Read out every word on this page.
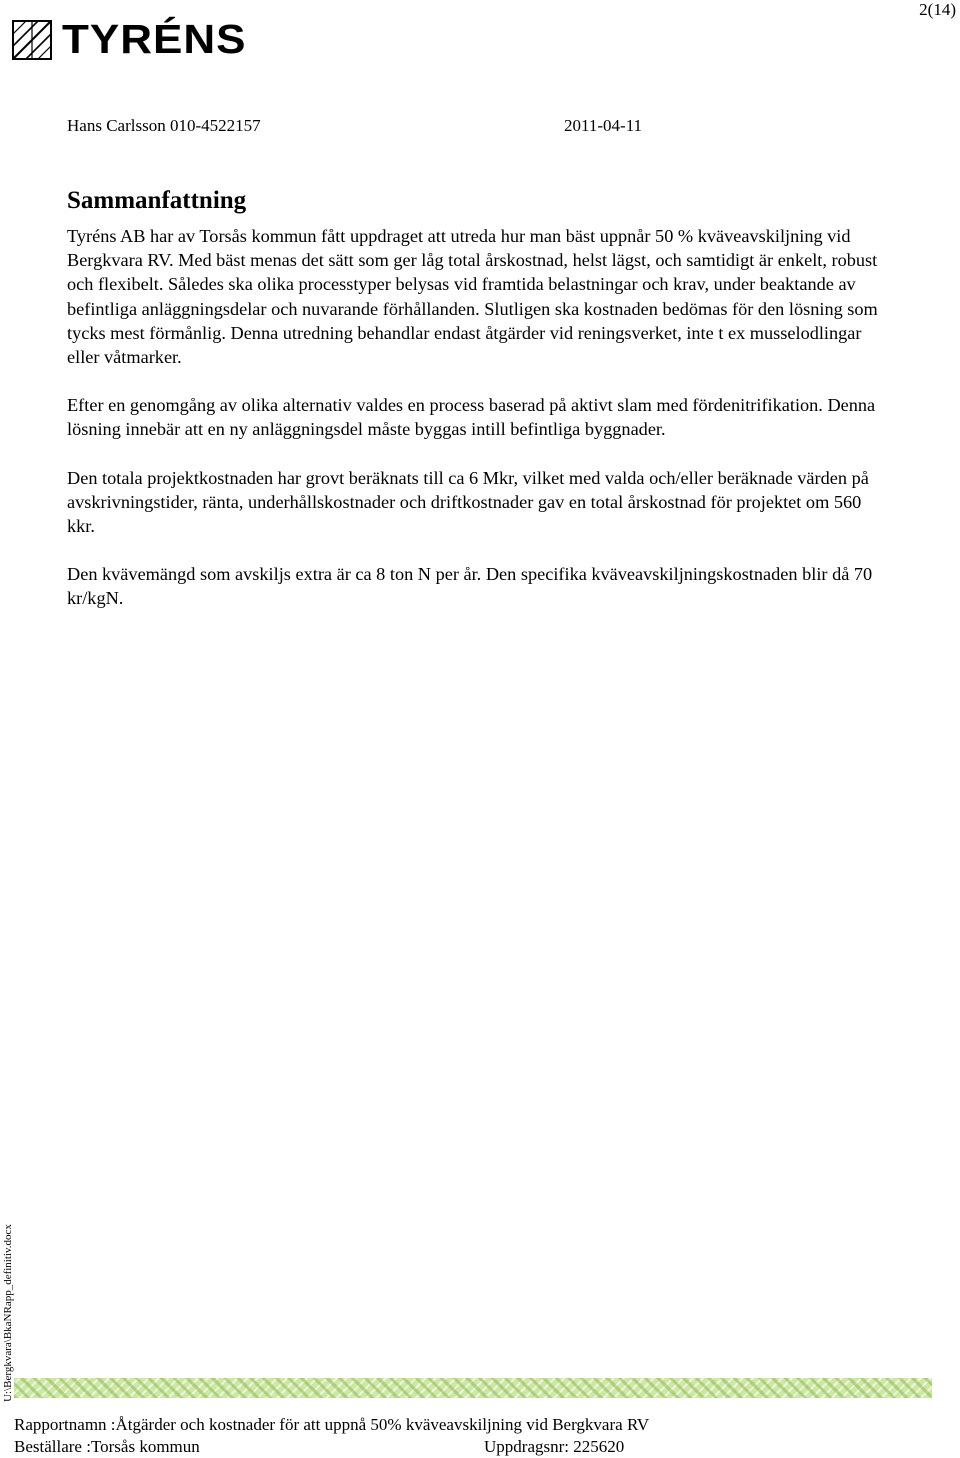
2(14)
TYRÉNS
Hans Carlsson 010-4522157	2011-04-11
Sammanfattning

Tyréns AB har av Torsås kommun fått uppdraget att utreda hur man bäst uppnår 50 % kväveavskiljning vid Bergkvara RV. Med bäst menas det sätt som ger låg total årskostnad, helst lägst, och samtidigt är enkelt, robust och flexibelt. Således ska olika processtyper belysas vid framtida belastningar och krav, under beaktande av befintliga anläggningsdelar och nuvarande förhållanden. Slutligen ska kostnaden bedömas för den lösning som tycks mest förmånlig. Denna utredning behandlar endast åtgärder vid reningsverket, inte t ex musselodlingar eller våtmarker.

Efter en genomgång av olika alternativ valdes en process baserad på aktivt slam med fördenitrifikation. Denna lösning innebär att en ny anläggningsdel måste byggas intill befintliga byggnader.

Den totala projektkostnaden har grovt beräknats till ca 6 Mkr, vilket med valda och/eller beräknade värden på avskrivningstider, ränta, underhållskostnader och driftkostnader gav en total årskostnad för projektet om 560 kkr.

Den kvävemängd som avskiljs extra är ca 8 ton N per år. Den specifika kväveavskiljningskostnaden blir då 70 kr/kgN.

U:\Bergkvara\BkaNRapp_definitiv.docx
Rapportnamn :Åtgärder och kostnader för att uppnå 50% kväveavskiljning vid Bergkvara RV
Beställare :Torsås kommun	Uppdragsnr: 225620
